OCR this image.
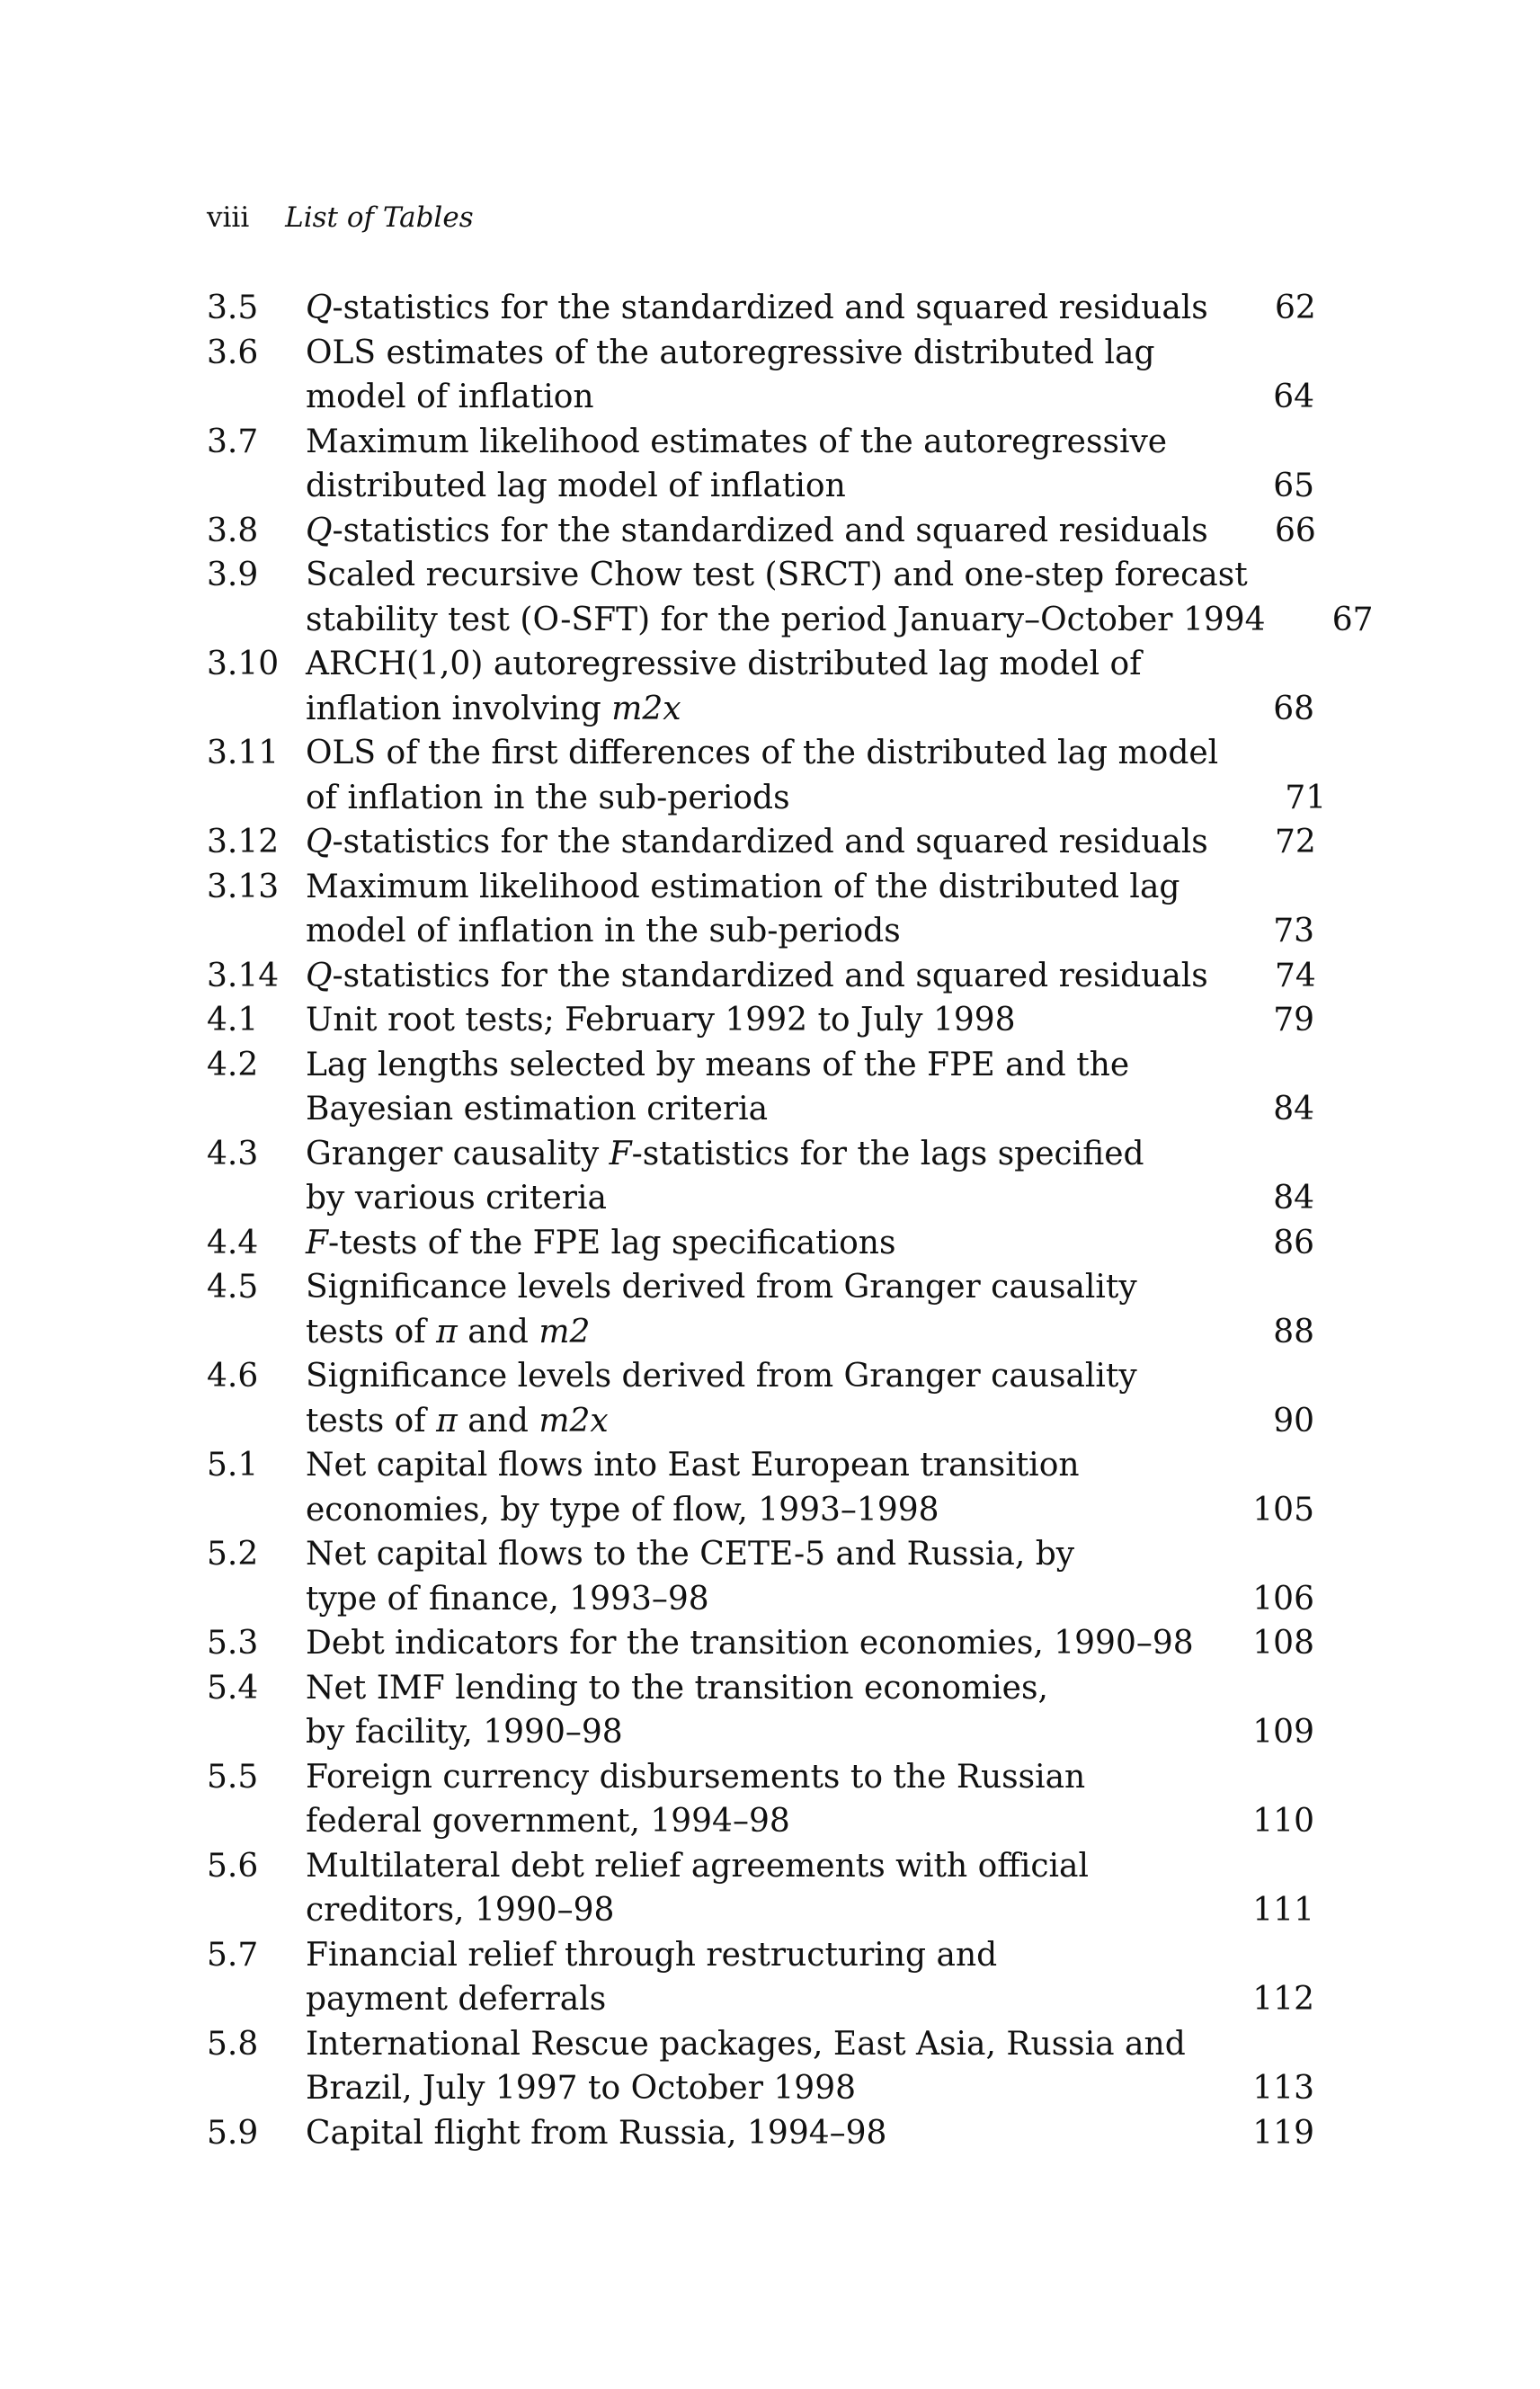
viii List of Tables
3.5	Q-statistics for the standardized and squared residuals	62
3.6	OLS estimates of the autoregressive distributed lag
model of inflation	64
3.7	Maximum likelihood estimates of the autoregressive
distributed lag model of inflation	65
3.8	Q-statistics for the standardized and squared residuals	66
3.9	Scaled recursive Chow test (SRCT) and one-step forecast
stability test (O-SFT) for the period January–October 1994	67
3.10 ARCH(1,0) autoregressive distributed lag model of
inflation involving m2x	68
3.11 OLS of the first differences of the distributed lag model
of inflation in the sub-periods	71
3.12 Q-statistics for the standardized and squared residuals	72
3.13 Maximum likelihood estimation of the distributed lag
model of inflation in the sub-periods	73
3.14 Q-statistics for the standardized and squared residuals	74
4.1	Unit root tests; February 1992 to July 1998	79
4.2	Lag lengths selected by means of the FPE and the
Bayesian estimation criteria	84
4.3	Granger causality F-statistics for the lags specified
by various criteria	84
4.4	F-tests of the FPE lag specifications	86
4.5	Significance levels derived from Granger causality
tests of π and m2	88
4.6	Significance levels derived from Granger causality
tests of π and m2x	90
5.1	Net capital flows into East European transition
economies, by type of flow, 1993–1998	105
5.2	Net capital flows to the CETE-5 and Russia, by
type of finance, 1993–98	106
5.3	Debt indicators for the transition economies, 1990–98	108
5.4	Net IMF lending to the transition economies,
by facility, 1990–98	109
5.5	Foreign currency disbursements to the Russian
federal government, 1994–98	110
5.6	Multilateral debt relief agreements with official
creditors, 1990–98	111
5.7	Financial relief through restructuring and
payment deferrals	112
5.8	International Rescue packages, East Asia, Russia and
Brazil, July 1997 to October 1998	113
5.9	Capital flight from Russia, 1994–98	119
